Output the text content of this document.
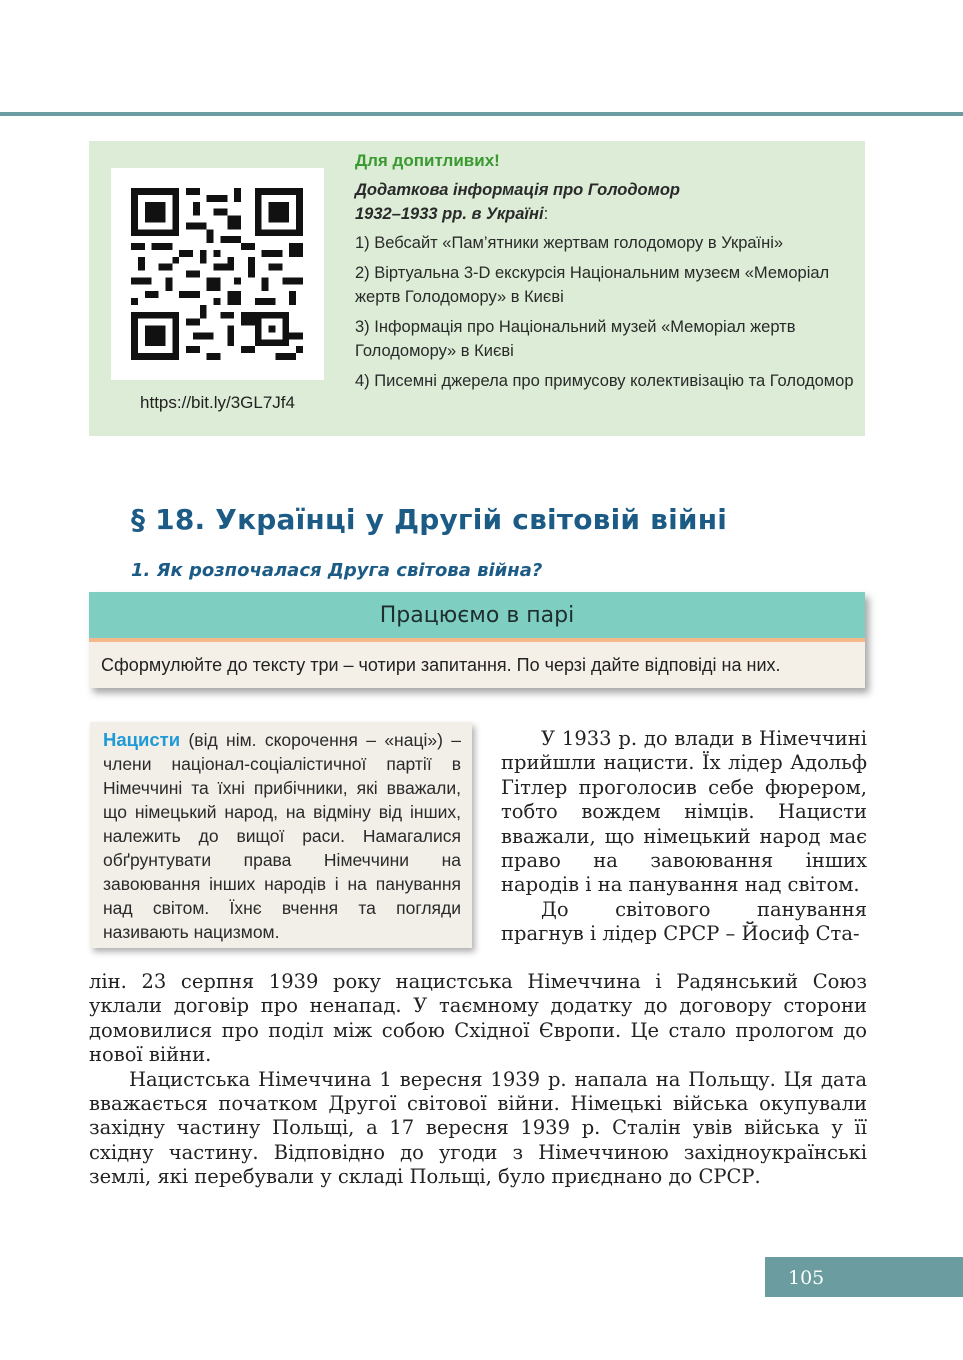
https://bit.ly/3GL7Jf4
Для допитливих!
Додаткова інформація про Голодомор
1932–1933 рр. в Україні:
1) Вебсайт «Пам’ятники жертвам голодомору в Україні»
2) Віртуальна 3-D екскурсія Національним музеєм «Меморіал жертв Голодомору» в Києві
3) Інформація про Національний музей «Меморіал жертв Голодомору» в Києві
4) Писемні джерела про примусову колективізацію та Голодомор
§ 18. Українці у Другій світовій війні
1. Як розпочалася Друга світова війна?
Працюємо в парі
Сформулюйте до тексту три – чотири запитання. По черзі дайте відповіді на них.
Нацисти (від нім. скорочення – «наці») – члени націонал-соціалістичної партії в Німеччині та їхні прибічники, які вважали, що німецький народ, на відміну від інших, належить до вищої раси. Намагалися обґрунтувати права Німеччини на завоювання інших народів і на панування над світом. Їхнє вчення та погляди називають нацизмом.

У 1933 р. до влади в Німеччині прийшли нацисти. Їх лідер Адольф Гітлер проголосив себе фюрером, тобто вождем німців. Нацисти вважали, що німецький народ має право на завоювання інших народів і на панування над світом.

До світового панування прагнув і лідер СРСР – Йосиф Ста-

лін. 23 серпня 1939 року нацистська Німеччина і Радянський Союз уклали договір про ненапад. У таємному додатку до договору сторони домовилися про поділ між собою Східної Європи. Це стало прологом до нової війни.

Нацистська Німеччина 1 вересня 1939 р. напала на Польщу. Ця дата вважається початком Другої світової війни. Німецькі війська окупували західну частину Польщі, а 17 вересня 1939 р. Сталін увів війська у її східну частину. Відповідно до угоди з Німеччиною західноукраїнські землі, які перебували у складі Польщі, було приєднано до СРСР.

105
